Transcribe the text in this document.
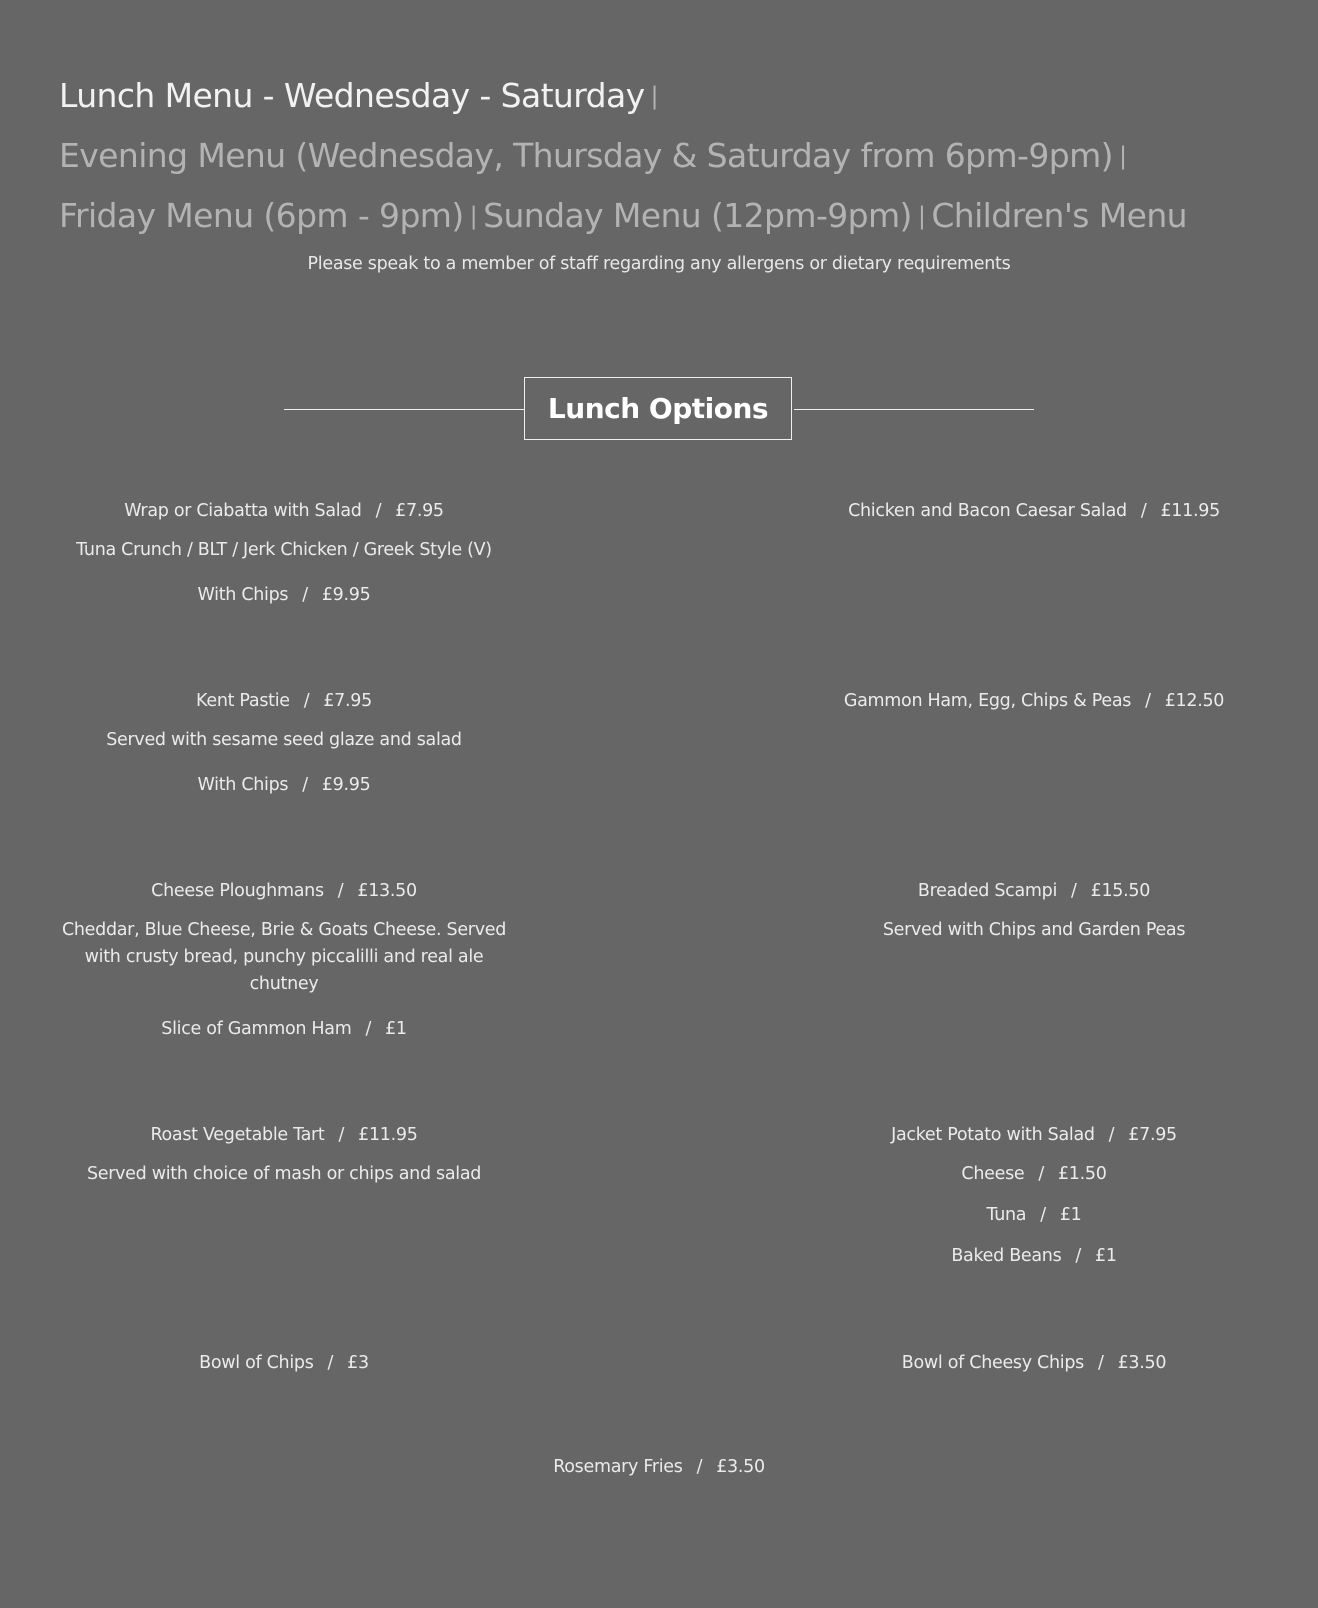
Lunch Menu - Wednesday - Saturday |
Evening Menu (Wednesday, Thursday & Saturday from 6pm-9pm) |
Friday Menu (6pm - 9pm) | Sunday Menu (12pm-9pm) | Children's Menu
Please speak to a member of staff regarding any allergens or dietary requirements
Lunch Options
Wrap or Ciabatta with Salad / £7.95
Tuna Crunch / BLT / Jerk Chicken / Greek Style (V)
With Chips / £9.95
Chicken and Bacon Caesar Salad / £11.95
Kent Pastie / £7.95
Served with sesame seed glaze and salad
With Chips / £9.95
Gammon Ham, Egg, Chips & Peas / £12.50
Cheese Ploughmans / £13.50
Cheddar, Blue Cheese, Brie & Goats Cheese. Served with crusty bread, punchy piccalilli and real ale chutney
Slice of Gammon Ham / £1
Breaded Scampi / £15.50
Served with Chips and Garden Peas
Roast Vegetable Tart / £11.95
Served with choice of mash or chips and salad
Jacket Potato with Salad / £7.95
Cheese / £1.50
Tuna / £1
Baked Beans / £1
Bowl of Chips / £3	Bowl of Cheesy Chips / £3.50
Rosemary Fries / £3.50
